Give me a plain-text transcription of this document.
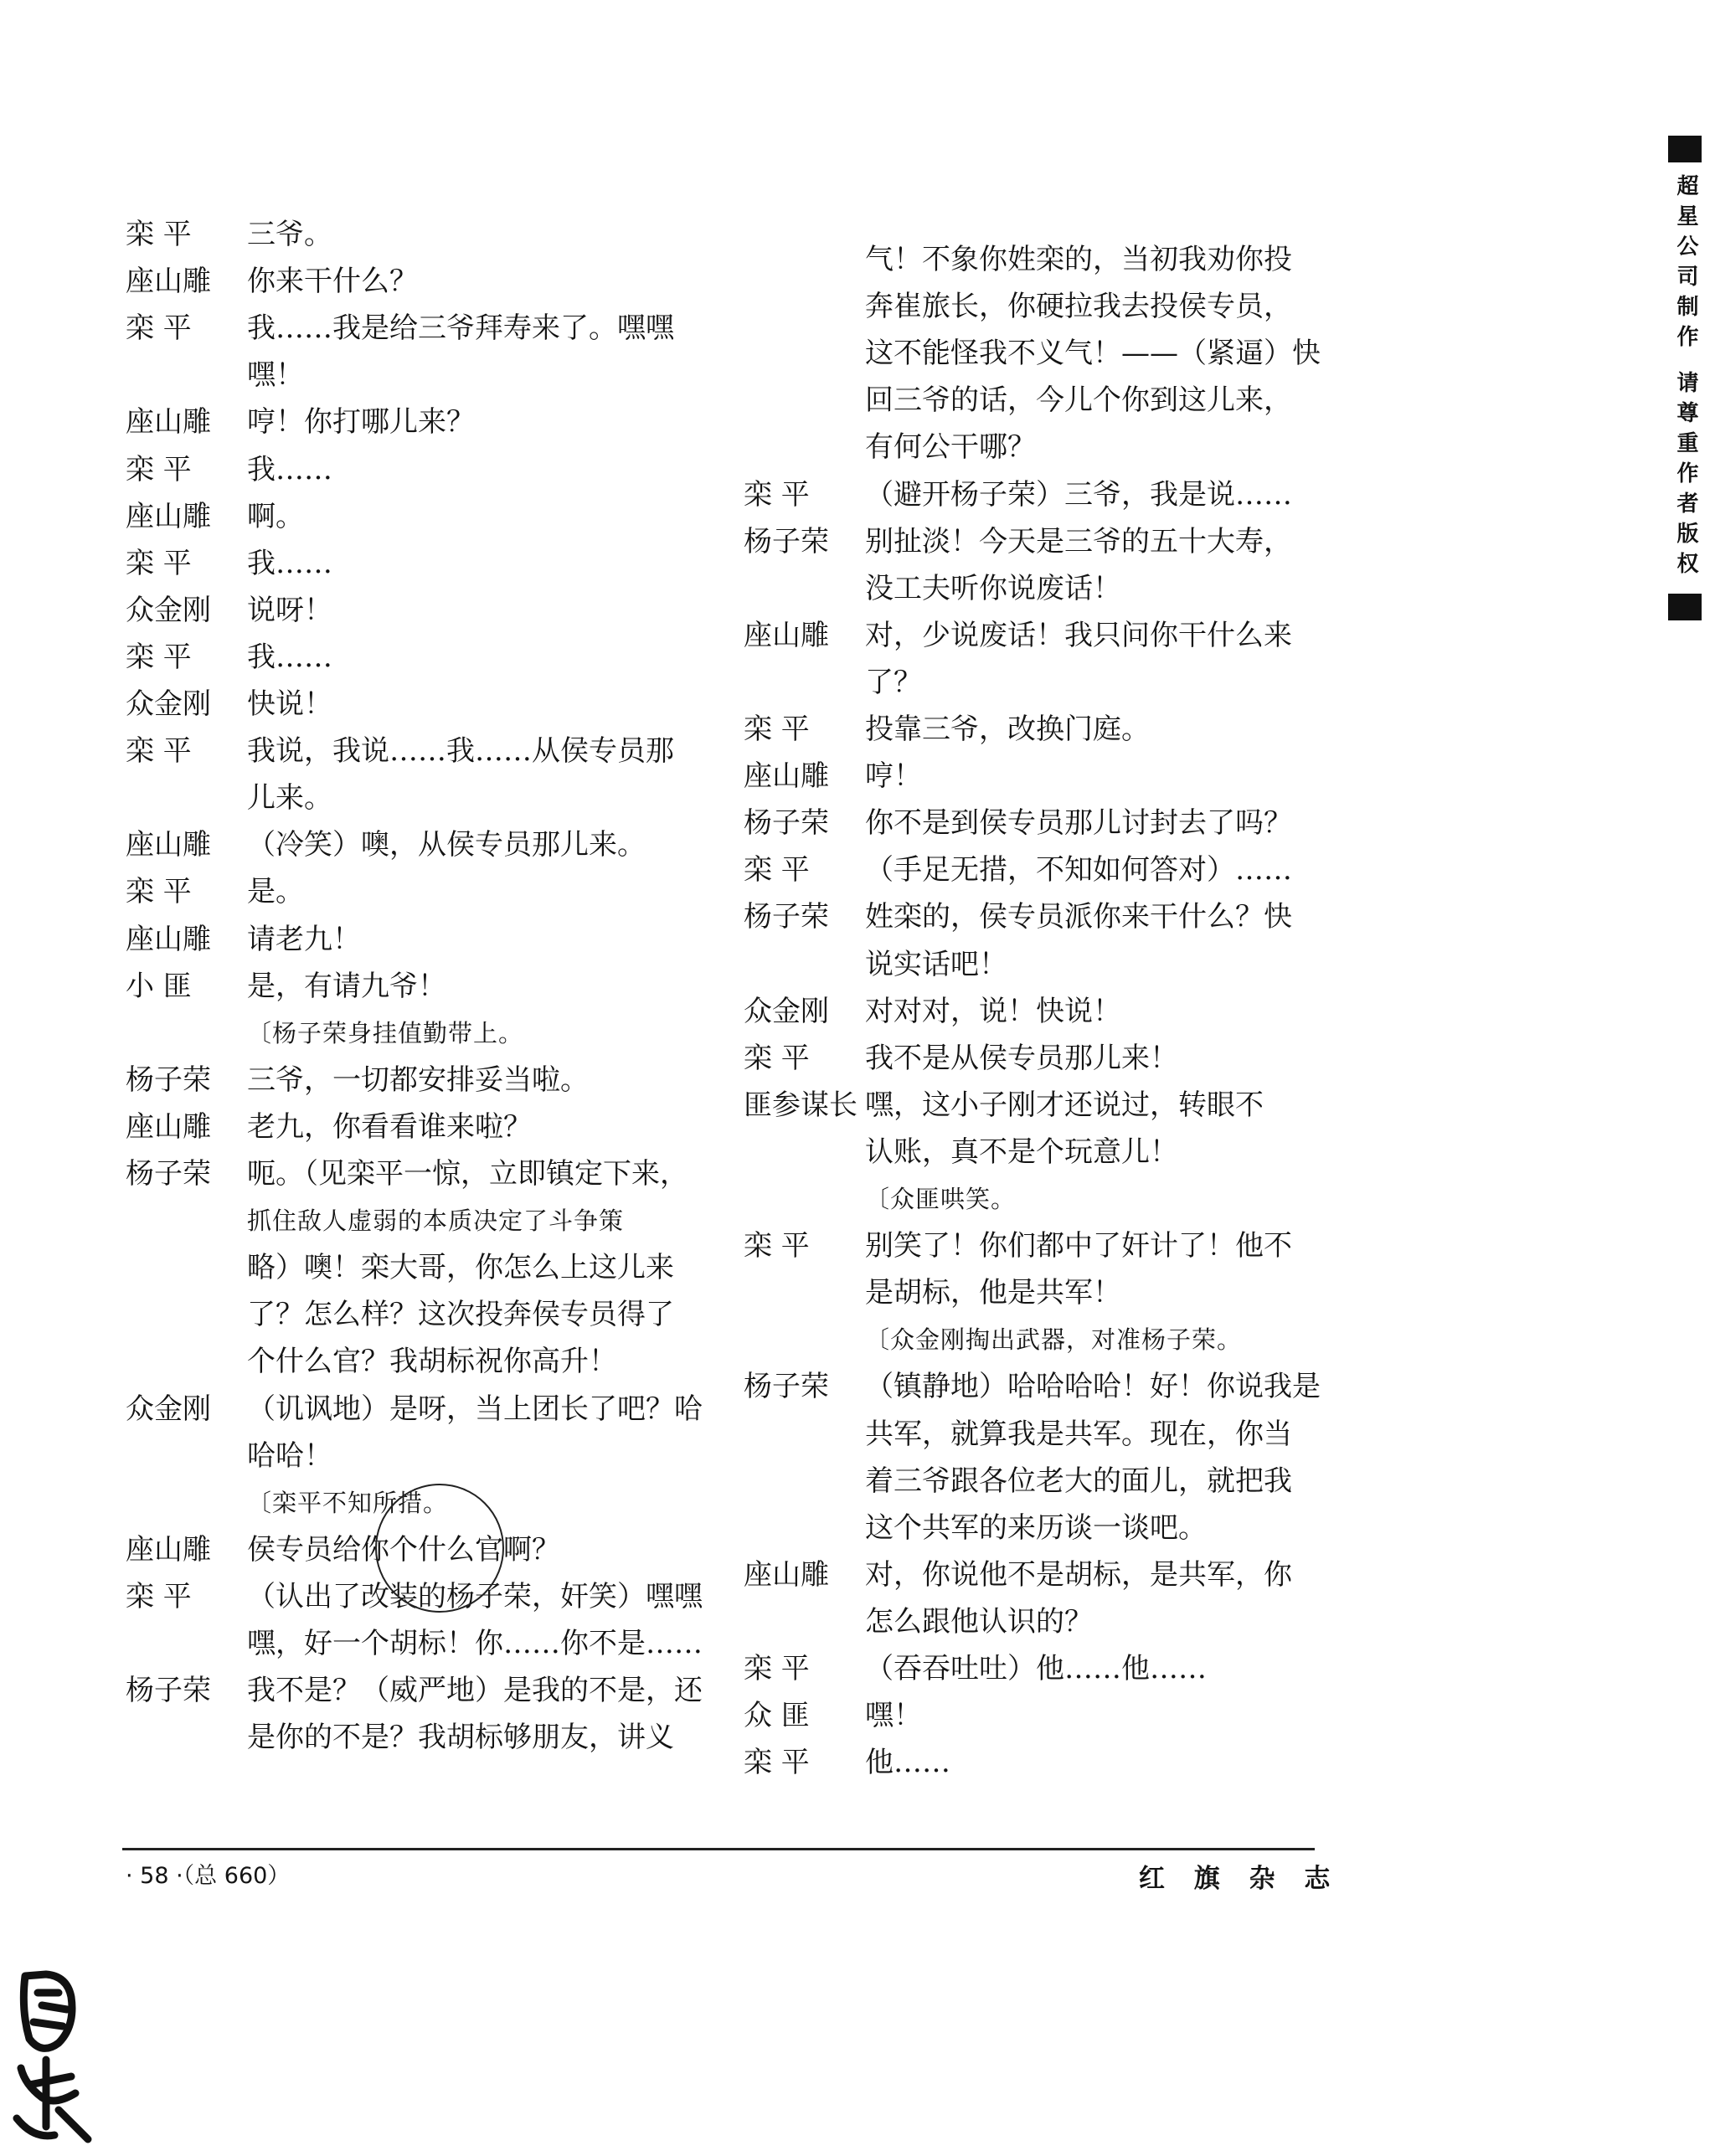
超星公司制作 请尊重作者版权
栾 平	三爷。
座山雕	你来干什么？
栾 平	我……我是给三爷拜寿来了。嘿嘿
嘿！
座山雕	哼！你打哪儿来？
栾 平	我……
座山雕	啊。
栾 平	我……
众金刚	说呀！
栾 平	我……
众金刚	快说！
栾 平	我说，我说……我……从侯专员那
儿来。
座山雕	（冷笑）噢，从侯专员那儿来。
栾 平	是。
座山雕	请老九！
小 匪	是，有请九爷！
〔杨子荣身挂值勤带上。
杨子荣	三爷，一切都安排妥当啦。
座山雕	老九，你看看谁来啦？
杨子荣	呃。（见栾平一惊，立即镇定下来，
抓住敌人虚弱的本质决定了斗争策
略）噢！栾大哥，你怎么上这儿来
了？怎么样？这次投奔侯专员得了
个什么官？我胡标祝你高升！
众金刚	（讥讽地）是呀，当上团长了吧？哈
哈哈！
〔栾平不知所措。
座山雕	侯专员给你个什么官啊？
栾 平	（认出了改装的杨子荣，奸笑）嘿嘿
嘿，好一个胡标！你……你不是……
杨子荣	我不是？（威严地）是我的不是，还
是你的不是？我胡标够朋友，讲义
气！不象你姓栾的，当初我劝你投
奔崔旅长，你硬拉我去投侯专员，
这不能怪我不义气！——（紧逼）快
回三爷的话，今儿个你到这儿来，
有何公干哪？
栾 平	（避开杨子荣）三爷，我是说……
杨子荣	别扯淡！今天是三爷的五十大寿，
没工夫听你说废话！
座山雕	对，少说废话！我只问你干什么来
了？
栾 平	投靠三爷，改换门庭。
座山雕	哼！
杨子荣	你不是到侯专员那儿讨封去了吗？
栾 平	（手足无措，不知如何答对）……
杨子荣	姓栾的，侯专员派你来干什么？快
说实话吧！
众金刚	对对对，说！快说！
栾 平	我不是从侯专员那儿来！
匪参谋长 嘿，这小子刚才还说过，转眼不
认账，真不是个玩意儿！
〔众匪哄笑。
栾 平	别笑了！你们都中了奸计了！他不
是胡标，他是共军！
〔众金刚掏出武器，对准杨子荣。
杨子荣	（镇静地）哈哈哈哈！好！你说我是
共军，就算我是共军。现在，你当
着三爷跟各位老大的面儿，就把我
这个共军的来历谈一谈吧。
座山雕	对，你说他不是胡标，是共军，你
怎么跟他认识的？
栾 平	（吞吞吐吐）他……他……
众 匪	嘿！
栾 平	他……
· 58 ·（总 660）	红 旗 杂 志
